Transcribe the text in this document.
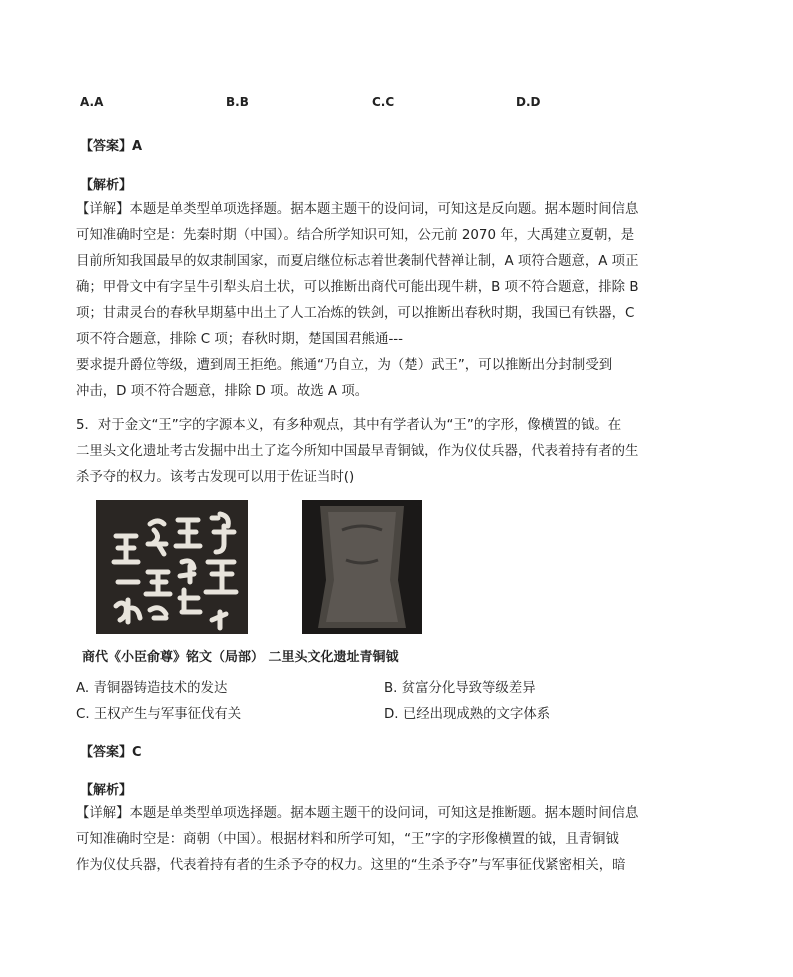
A.A	B.B	C.C	D.D
【答案】A
【解析】
【详解】本题是单类型单项选择题。据本题主题干的设问词，可知这是反向题。据本题时间信息
可知准确时空是：先秦时期（中国）。结合所学知识可知，公元前 2070 年，大禹建立夏朝，是
目前所知我国最早的奴隶制国家，而夏启继位标志着世袭制代替禅让制，A 项符合题意，A 项正
确；甲骨文中有字呈牛引犁头启土状，可以推断出商代可能出现牛耕，B 项不符合题意，排除 B
项；甘肃灵台的春秋早期墓中出土了人工冶炼的铁剑，可以推断出春秋时期，我国已有铁器，C
项不符合题意，排除 C 项；春秋时期，楚国国君熊通---
要求提升爵位等级，遭到周王拒绝。熊通“乃自立，为（楚）武王”，可以推断出分封制受到
冲击，D 项不符合题意，排除 D 项。故选 A 项。
5．对于金文“王”字的字源本义，有多种观点，其中有学者认为“王”的字形，像横置的钺。在
二里头文化遗址考古发掘中出土了迄今所知中国最早青铜钺，作为仪仗兵器，代表着持有者的生
杀予夺的权力。该考古发现可以用于佐证当时()
商代《小臣俞尊》铭文（局部） 二里头文化遗址青铜钺
A. 青铜器铸造技术的发达	B. 贫富分化导致等级差异
C. 王权产生与军事征伐有关	D. 已经出现成熟的文字体系
【答案】C
【解析】
【详解】本题是单类型单项选择题。据本题主题干的设问词，可知这是推断题。据本题时间信息
可知准确时空是：商朝（中国）。根据材料和所学可知，“王”字的字形像横置的钺，且青铜钺
作为仪仗兵器，代表着持有者的生杀予夺的权力。这里的“生杀予夺”与军事征伐紧密相关，暗
